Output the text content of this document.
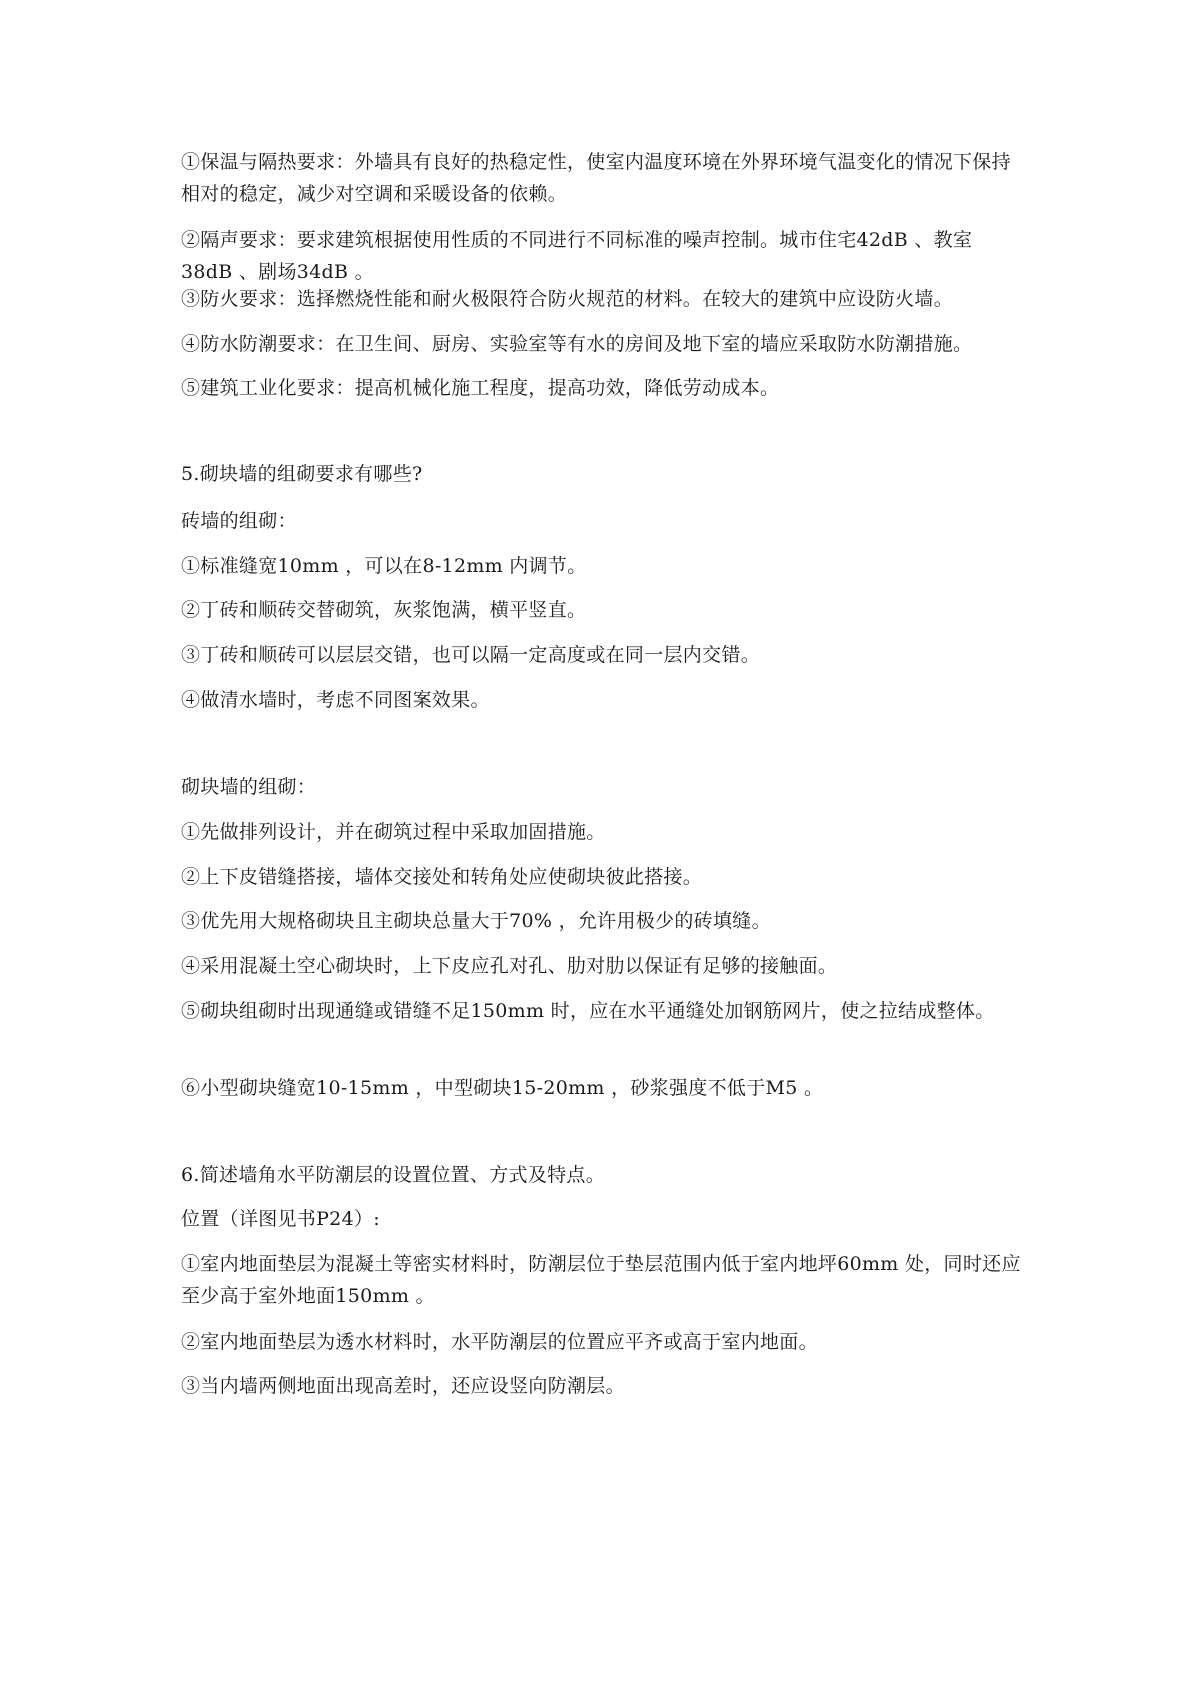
①保温与隔热要求：外墙具有良好的热稳定性，使室内温度环境在外界环境气温变化的情况下保持相对的稳定，减少对空调和采暖设备的依赖。
②隔声要求：要求建筑根据使用性质的不同进行不同标准的噪声控制。城市住宅42dB 、教室38dB 、剧场34dB 。
③防火要求：选择燃烧性能和耐火极限符合防火规范的材料。在较大的建筑中应设防火墙。
④防水防潮要求：在卫生间、厨房、实验室等有水的房间及地下室的墙应采取防水防潮措施。
⑤建筑工业化要求：提高机械化施工程度，提高功效，降低劳动成本。
5.砌块墙的组砌要求有哪些?
砖墙的组砌：
①标准缝宽10mm ，可以在8-12mm 内调节。
②丁砖和顺砖交替砌筑，灰浆饱满，横平竖直。
③丁砖和顺砖可以层层交错，也可以隔一定高度或在同一层内交错。
④做清水墙时，考虑不同图案效果。
砌块墙的组砌：
①先做排列设计，并在砌筑过程中采取加固措施。
②上下皮错缝搭接，墙体交接处和转角处应使砌块彼此搭接。
③优先用大规格砌块且主砌块总量大于70% ，允许用极少的砖填缝。
④采用混凝土空心砌块时，上下皮应孔对孔、肋对肋以保证有足够的接触面。
⑤砌块组砌时出现通缝或错缝不足150mm 时，应在水平通缝处加钢筋网片，使之拉结成整体。
⑥小型砌块缝宽10-15mm ，中型砌块15-20mm ，砂浆强度不低于M5 。
6.简述墙角水平防潮层的设置位置、方式及特点。
位置（详图见书P24）:
①室内地面垫层为混凝土等密实材料时，防潮层位于垫层范围内低于室内地坪60mm 处，同时还应至少高于室外地面150mm 。
②室内地面垫层为透水材料时，水平防潮层的位置应平齐或高于室内地面。
③当内墙两侧地面出现高差时，还应设竖向防潮层。
